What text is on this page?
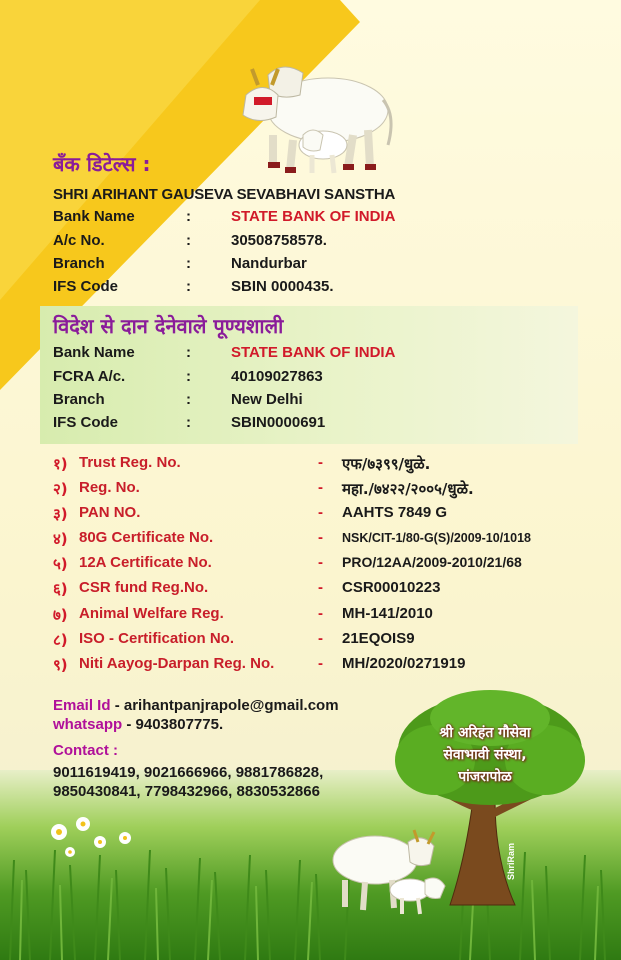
बँक डिटेल्स :
SHRI ARIHANT GAUSEVA SEVABHAVI SANSTHA
Bank Name	:	STATE BANK OF INDIA
A/c No.	:	30508758578.
Branch	:	Nandurbar
IFS Code	:	SBIN 0000435.
विदेश से दान देनेवाले पूण्यशाली
Bank Name	:	STATE BANK OF INDIA
FCRA A/c.	:	40109027863
Branch	:	New Delhi
IFS Code	:	SBIN0000691
१) Trust Reg. No.	- एफ/७३९९/धुळे.
२) Reg. No.	- महा./७४२२/२००५/धुळे.
३) PAN NO.	- AAHTS 7849 G
४) 80G Certificate No.	- NSK/CIT-1/80-G(S)/2009-10/1018
५) 12A Certificate No.	- PRO/12AA/2009-2010/21/68
६) CSR fund Reg.No.	- CSR00010223
७) Animal Welfare Reg.	- MH-141/2010
८) ISO - Certification No.	- 21EQOIS9
९) Niti Aayog-Darpan Reg. No.	- MH/2020/0271919
Email Id - arihantpanjrapole@gmail.com
whatsapp - 9403807775.
Contact :
9011619419, 9021666966, 9881786828,
9850430841, 7798432966, 8830532866
श्री अरिहंत गौसेवा
सेवाभावी संस्था,
पांजरापोळ
ShriRam
